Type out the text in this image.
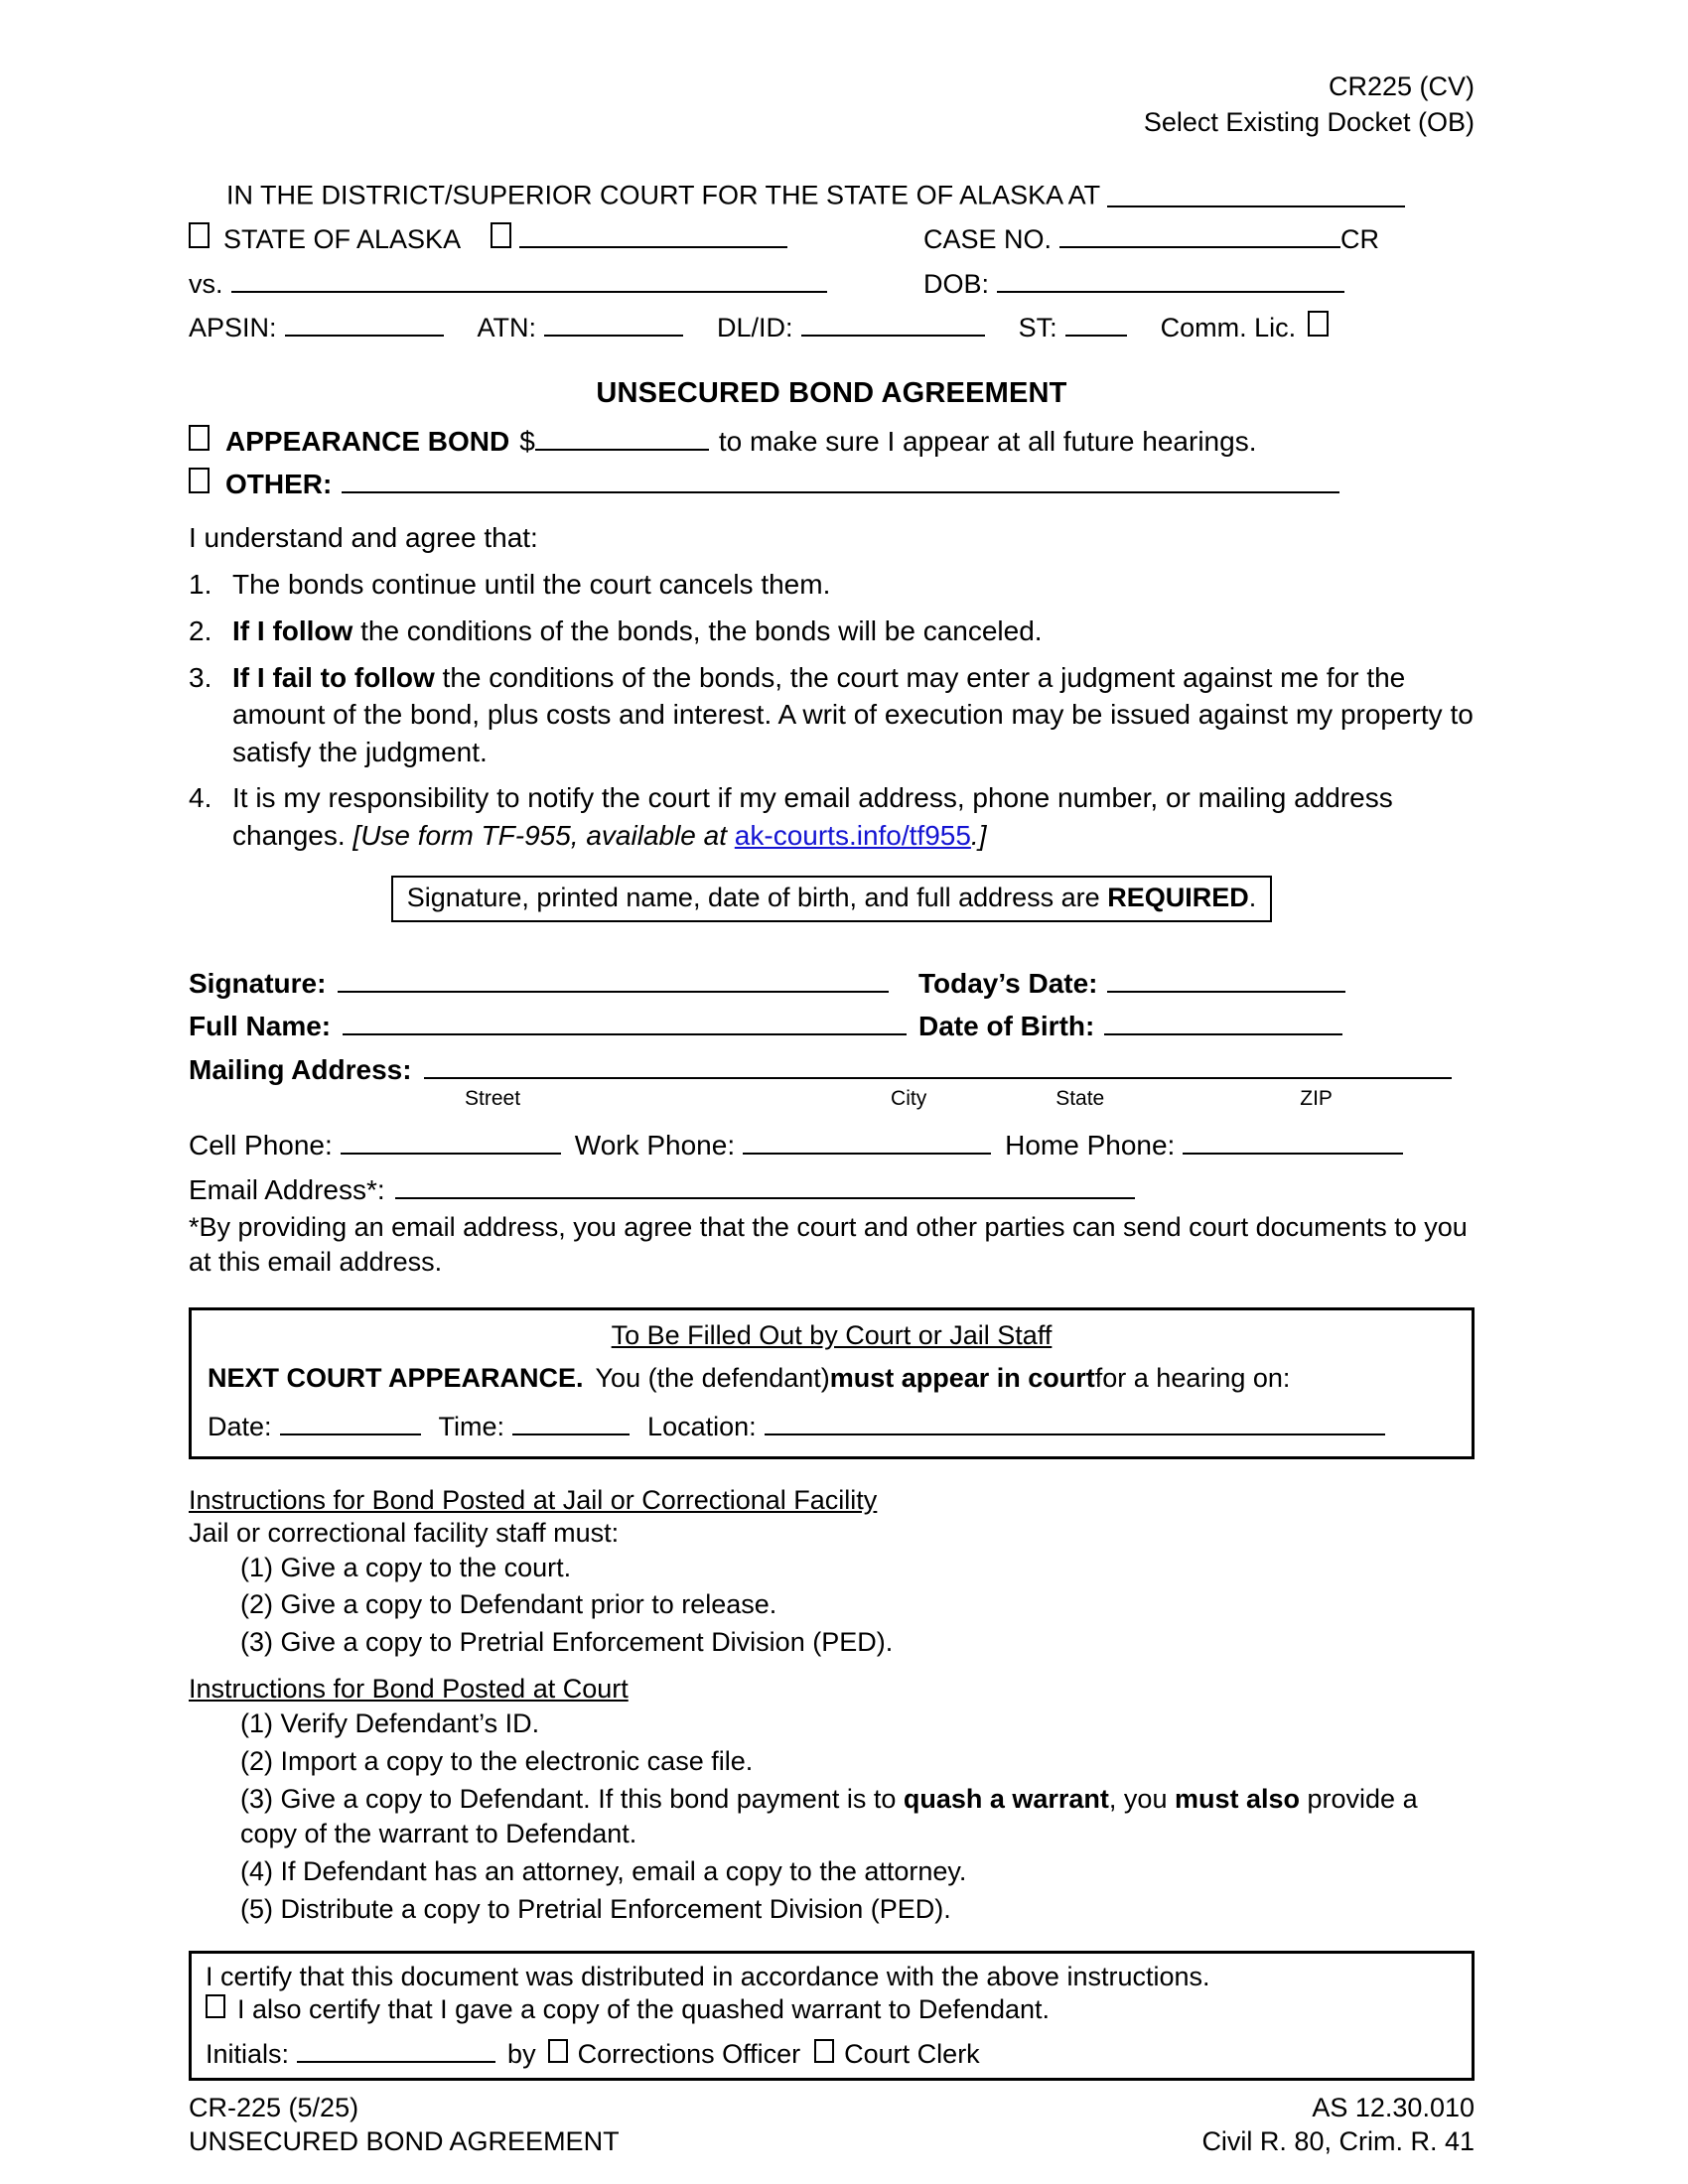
CR225 (CV)
Select Existing Docket (OB)
IN THE DISTRICT/SUPERIOR COURT FOR THE STATE OF ALASKA AT
STATE OF ALASKA	CASE NO.	CR
vs.	DOB:
APSIN:	ATN:	DL/ID:	ST:	Comm. Lic.
UNSECURED BOND AGREEMENT
APPEARANCE BOND $	to make sure I appear at all future hearings.
OTHER:
I understand and agree that:
1. The bonds continue until the court cancels them.
2. If I follow the conditions of the bonds, the bonds will be canceled.
3. If I fail to follow the conditions of the bonds, the court may enter a judgment against me for the amount of the bond, plus costs and interest. A writ of execution may be issued against my property to satisfy the judgment.
4. It is my responsibility to notify the court if my email address, phone number, or mailing address changes. [Use form TF-955, available at ak-courts.info/tf955.]
Signature, printed name, date of birth, and full address are REQUIRED.
Signature:	Today’s Date:
Full Name:	Date of Birth:
Mailing Address:
Street	City	State	ZIP
Cell Phone:	Work Phone:	Home Phone:
Email Address*:
*By providing an email address, you agree that the court and other parties can send court documents to you at this email address.
To Be Filled Out by Court or Jail Staff
NEXT COURT APPEARANCE. You (the defendant) must appear in court for a hearing on:
Date:	Time:	Location:
Instructions for Bond Posted at Jail or Correctional Facility
Jail or correctional facility staff must:
(1) Give a copy to the court.
(2) Give a copy to Defendant prior to release.
(3) Give a copy to Pretrial Enforcement Division (PED).
Instructions for Bond Posted at Court
(1) Verify Defendant’s ID.
(2) Import a copy to the electronic case file.
(3) Give a copy to Defendant. If this bond payment is to quash a warrant, you must also provide a copy of the warrant to Defendant.
(4) If Defendant has an attorney, email a copy to the attorney.
(5) Distribute a copy to Pretrial Enforcement Division (PED).
I certify that this document was distributed in accordance with the above instructions.
I also certify that I gave a copy of the quashed warrant to Defendant.
Initials:	by Corrections Officer Court Clerk
CR-225 (5/25)
UNSECURED BOND AGREEMENT
AS 12.30.010
Civil R. 80, Crim. R. 41
